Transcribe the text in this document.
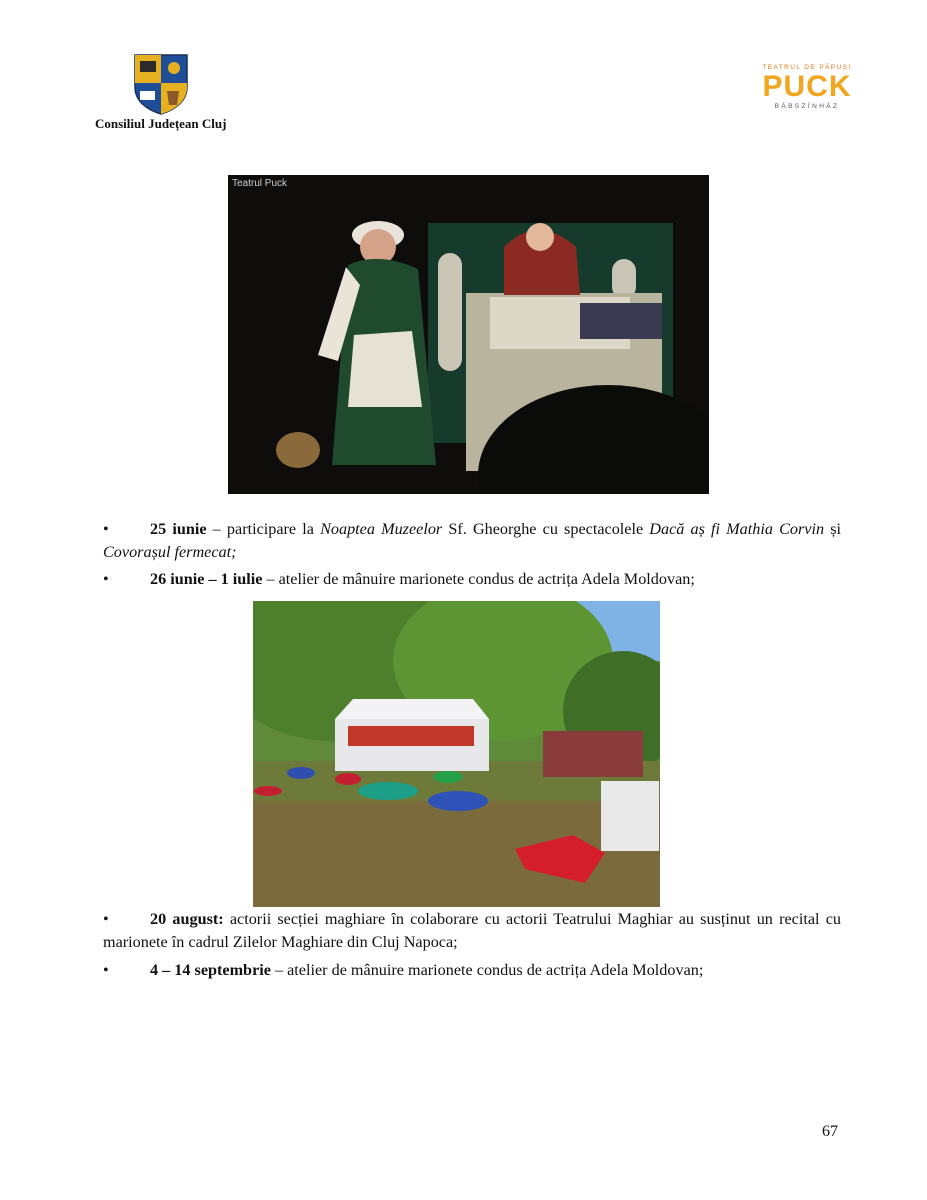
Consiliul Județean Cluj
TEATRUL DE PĂPUȘI
PUCK
BÁBSZÍNHÁZ
Teatrul Puck
•	25 iunie – participare la Noaptea Muzeelor Sf. Gheorghe cu spectacolele Dacă aș fi Mathia Corvin și Covorașul fermecat;

•	26 iunie – 1 iulie – atelier de mânuire marionete condus de actrița Adela Moldovan;

•	20 august: actorii secției maghiare în colaborare cu actorii Teatrului Maghiar au susținut un recital cu marionete în cadrul Zilelor Maghiare din Cluj Napoca;

•	4 – 14 septembrie – atelier de mânuire marionete condus de actrița Adela Moldovan;

67
